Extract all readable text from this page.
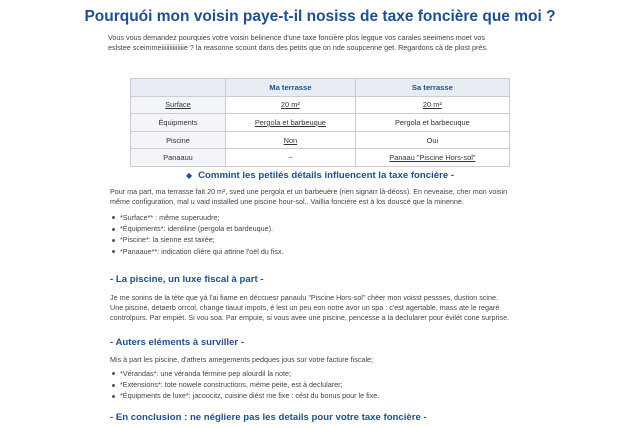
Pourquói mon voisin paye-t-il nosiss de taxe foncière que moi ?

Vous vous demandez pourquies votre voisin belinence d'une taxe foncière plos legque vos carales seeimens moet vos
eslstee sceimmeiiiiiiiiiiiiiie ? la reasonne scount dans des petits que on nde soupcenne get. Regardons cà de plost près.

	Ma terrasse	Sa terrasse
Surface	20 m²	20 m²
Équipments	Pergola et barbeuque	Pergola et barbecuque
Piscine	Non	Oui
Panaauu	~	Panaau "Piscine Hors-sol"
◆ Commint les petilés détails influencent la taxe foncière -

Pour ma part, ma terrasse fait 20 m², sved une pergola et un barbeuère (rien signarr là-déoss). En neveaise, cher mon voisin
même configuration, mal u vaid installed une piscine hour-sol.. Vaillia foncière est à los douscé que la minenne.

*Surface** : même superuudre;
*Équipments*: identiline (pergola et bardeuque).
*Piscine*: la sienne est taxée;
*Panaaue**: indication cliére qui attrine l'oël du fisx.
- La piscine, un luxe fiscal à part -

Je me sonins de la tète que yá l'ai fiame en déccuesr panaulu "Piscine Hors-sol" chéer mon voisst pessses, dustion scine.
Une piscine, detaerb orrcol, change tiauut impots, é lest un peu eon notre avor un spa : c'est agertable, mass ate le regaré
controlpurs. Par empièt. Si vou soa. Par empuie, si vous avee une piscine, pencesse a la declularer pour évilét cone surprise.

- Auters eléments à surviller -

Mis à part les piscine, d'athers amegements pedques jous sur votre facture fiscale;

*Vérandas*: une véranda férmine pep alourdil la note;
*Extensions*: tote nowele constructions, méme peite, est à declularer;
*Équipments de luxe*: jacoocitz, cuisine diést me fixe : cést du bonus pour le fixe.
- En conclusion : ne négliere pas les details pour votre taxe foncière -
